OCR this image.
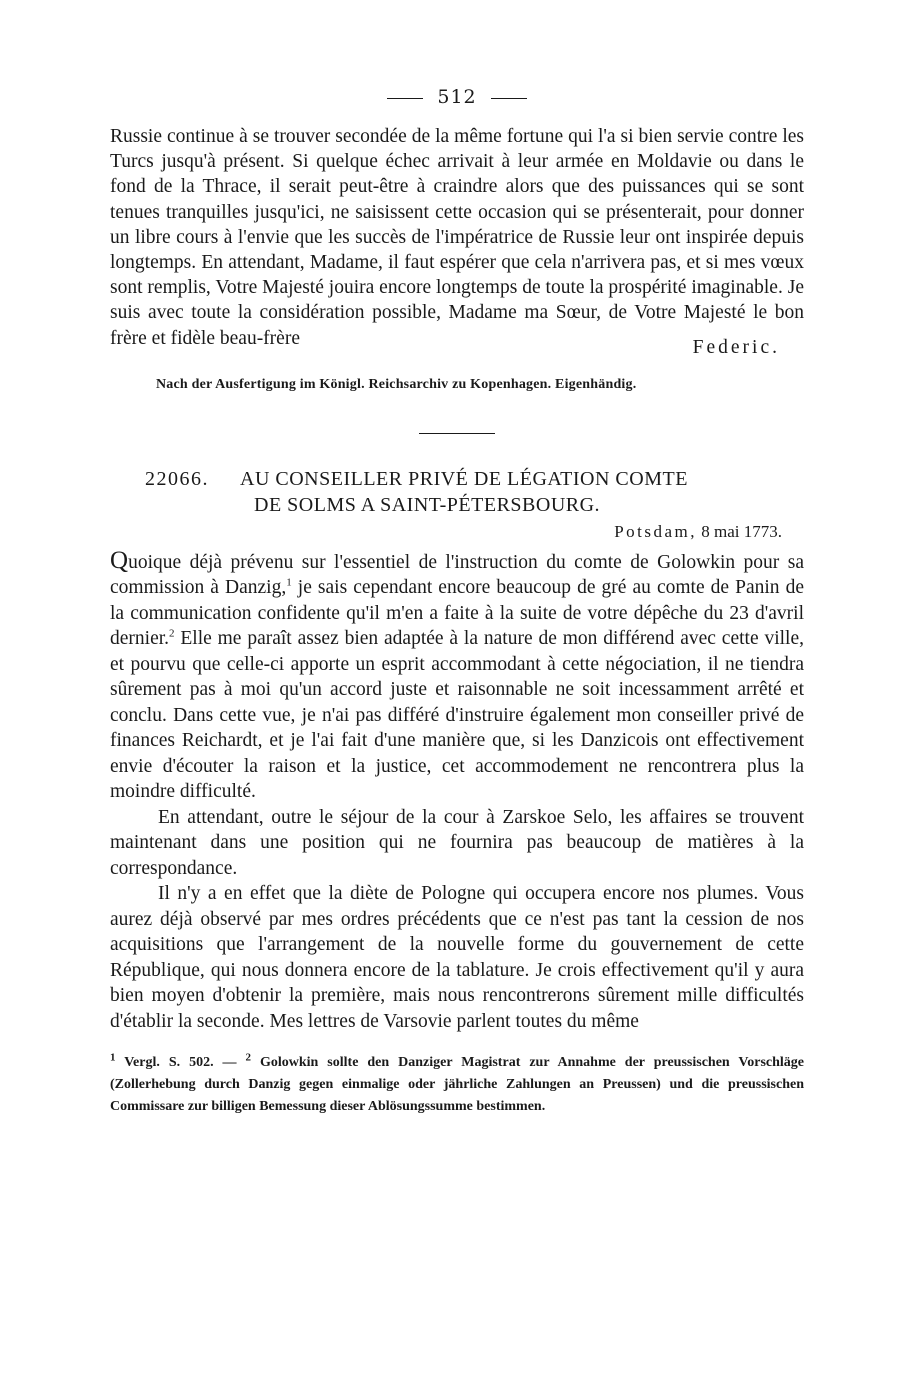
512

Russie continue à se trouver secondée de la même fortune qui l'a si bien servie contre les Turcs jusqu'à présent. Si quelque échec arrivait à leur armée en Moldavie ou dans le fond de la Thrace, il serait peut-être à craindre alors que des puissances qui se sont tenues tranquilles jusqu'ici, ne saisissent cette occasion qui se présenterait, pour donner un libre cours à l'envie que les succès de l'impératrice de Russie leur ont inspirée depuis longtemps. En attendant, Madame, il faut espérer que cela n'arrivera pas, et si mes vœux sont remplis, Votre Majesté jouira encore longtemps de toute la prospérité imaginable. Je suis avec toute la considération possible, Madame ma Sœur, de Votre Majesté le bon frère et fidèle beau-frère	Federic.

Nach der Ausfertigung im Königl. Reichsarchiv zu Kopenhagen. Eigenhändig.

22066.	AU CONSEILLER PRIVÉ DE LÉGATION COMTE
DE SOLMS A SAINT-PÉTERSBOURG.
Potsdam, 8 mai 1773.

Quoique déjà prévenu sur l'essentiel de l'instruction du comte de Golowkin pour sa commission à Danzig,$^1$ je sais cependant encore beaucoup de gré au comte de Panin de la communication confidente qu'il m'en a faite à la suite de votre dépêche du 23 d'avril dernier.$^2$ Elle me paraît assez bien adaptée à la nature de mon différend avec cette ville, et pourvu que celle-ci apporte un esprit accommodant à cette négociation, il ne tiendra sûrement pas à moi qu'un accord juste et raisonnable ne soit incessamment arrêté et conclu. Dans cette vue, je n'ai pas différé d'instruire également mon conseiller privé de finances Reichardt, et je l'ai fait d'une manière que, si les Danzicois ont effectivement envie d'écouter la raison et la justice, cet accommodement ne rencontrera plus la moindre difficulté.

En attendant, outre le séjour de la cour à Zarskoe Selo, les affaires se trouvent maintenant dans une position qui ne fournira pas beaucoup de matières à la correspondance.

Il n'y a en effet que la diète de Pologne qui occupera encore nos plumes. Vous aurez déjà observé par mes ordres précédents que ce n'est pas tant la cession de nos acquisitions que l'arrangement de la nouvelle forme du gouvernement de cette République, qui nous donnera encore de la tablature. Je crois effectivement qu'il y aura bien moyen d'obtenir la première, mais nous rencontrerons sûrement mille difficultés d'établir la seconde. Mes lettres de Varsovie parlent toutes du même

$^1$ Vergl. S. 502. — $^2$ Golowkin sollte den Danziger Magistrat zur Annahme der preussischen Vorschläge (Zollerhebung durch Danzig gegen einmalige oder jährliche Zahlungen an Preussen) und die preussischen Commissare zur billigen Bemessung dieser Ablösungssumme bestimmen.
